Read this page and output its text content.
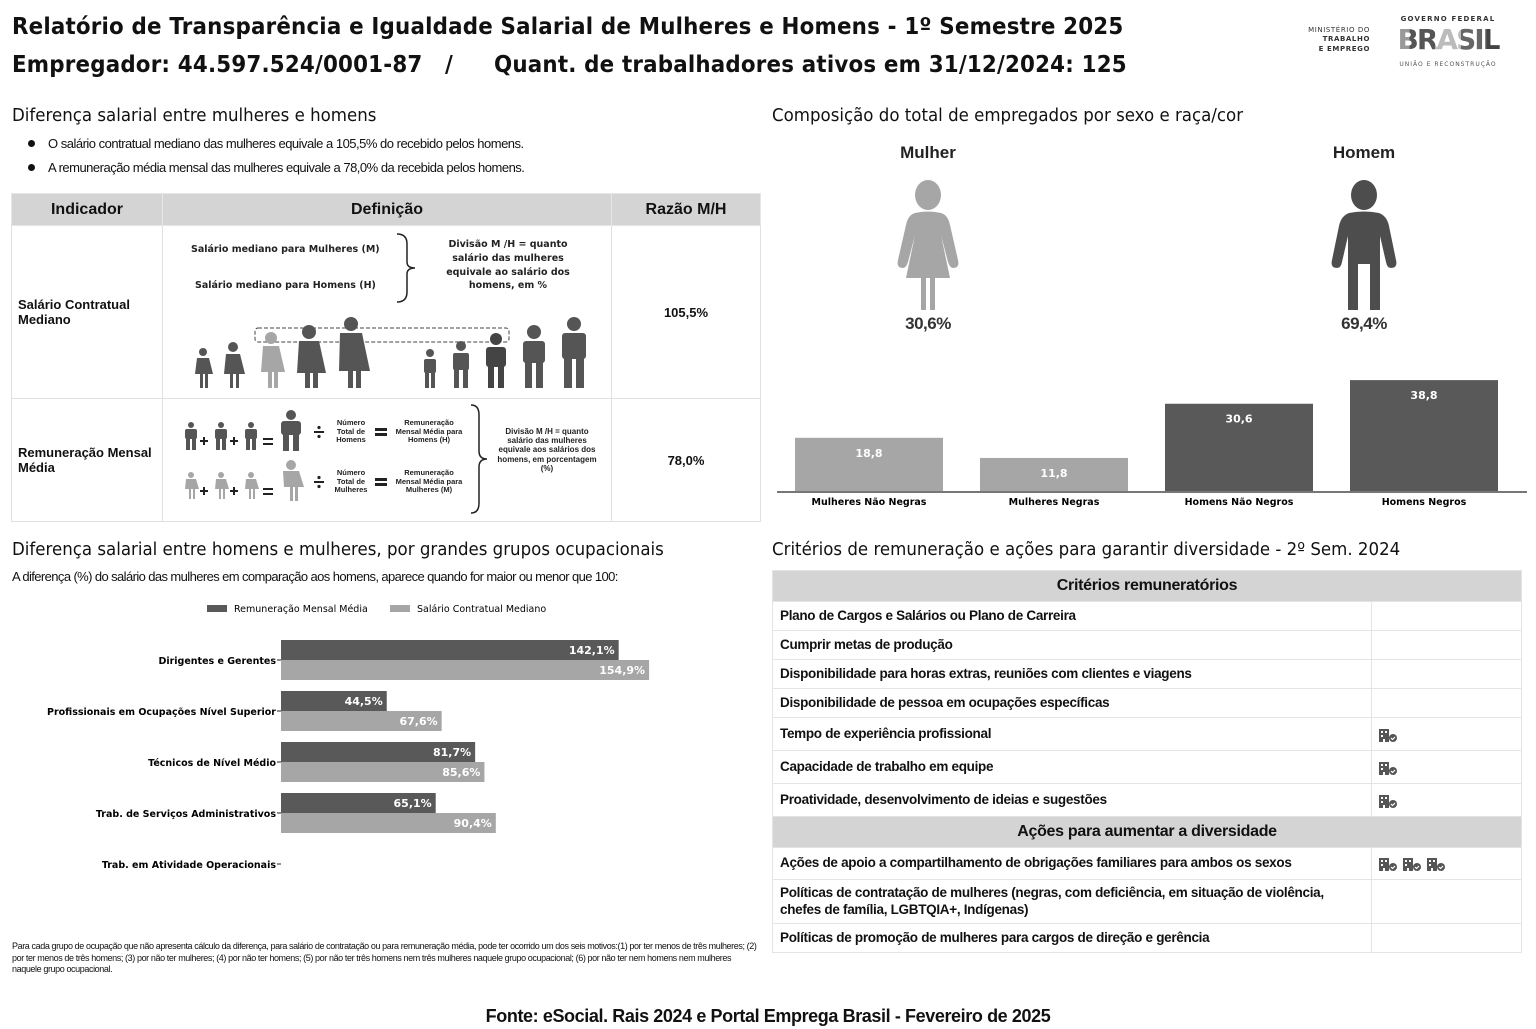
Relatório de Transparência e Igualdade Salarial de Mulheres e Homens - 1º Semestre 2025
Empregador: 44.597.524/0001-87 / Quant. de trabalhadores ativos em 31/12/2024: 125
MINISTÉRIO DO
TRABALHO
E EMPREGO
GOVERNO FEDERAL
BRASIL
UNIÃO E RECONSTRUÇÃO
Diferença salarial entre mulheres e homens
O salário contratual mediano das mulheres equivale a 105,5% do recebido pelos homens.
A remuneração média mensal das mulheres equivale a 78,0% da recebida pelos homens.
Indicador	Definição	Razão M/H
Salário Contratual Mediano	Salário mediano para Mulheres (M)
Salário mediano para Homens (H)
Divisão M /H = quanto salário das mulheres equivale ao salário dos homens, em %	105,5%
Remuneração Mensal Média	Número Total de Homens
Número Total de Mulheres
Remuneração Mensal Média para Homens (H)
Remuneração Mensal Média para Mulheres (M)
Divisão M /H = quanto salário das mulheres equivale aos salários dos homens, em porcentagem (%)	78,0%
Composição do total de empregados por sexo e raça/cor
Mulher	Homem
30,6%	69,4%
18,8
Mulheres Não Negras
11,8
Mulheres Negras
30,6
Homens Não Negros
38,8
Homens Negros
Diferença salarial entre homens e mulheres, por grandes grupos ocupacionais
A diferença (%) do salário das mulheres em comparação aos homens, aparece quando for maior ou menor que 100:
Remuneração Mensal Média	Salário Contratual Mediano
Dirigentes e Gerentes
142,1%
154,9%
Profissionais em Ocupações Nível Superior
44,5%
67,6%
Técnicos de Nível Médio
81,7%
85,6%
Trab. de Serviços Administrativos
65,1%
90,4%
Trab. em Atividade Operacionais
Para cada grupo de ocupação que não apresenta cálculo da diferença, para salário de contratação ou para remuneração média, pode ter ocorrido um dos seis motivos:(1) por ter menos de três mulheres; (2) por ter menos de três homens; (3) por não ter mulheres; (4) por não ter homens; (5) por não ter três homens nem três mulheres naquele grupo ocupacional; (6) por não ter nem homens nem mulheres naquele grupo ocupacional.
Critérios de remuneração e ações para garantir diversidade - 2º Sem. 2024
Critérios remuneratórios	
Plano de Cargos e Salários ou Plano de Carreira	
Cumprir metas de produção	
Disponibilidade para horas extras, reuniões com clientes e viagens	
Disponibilidade de pessoa em ocupações específicas	
Tempo de experiência profissional	
Capacidade de trabalho em equipe	
Proatividade, desenvolvimento de ideias e sugestões	
Ações para aumentar a diversidade	
Ações de apoio a compartilhamento de obrigações familiares para ambos os sexos	
Políticas de contratação de mulheres (negras, com deficiência, em situação de violência, chefes de família, LGBTQIA+, Indígenas)	
Políticas de promoção de mulheres para cargos de direção e gerência	
Fonte: eSocial. Rais 2024 e Portal Emprega Brasil - Fevereiro de 2025
